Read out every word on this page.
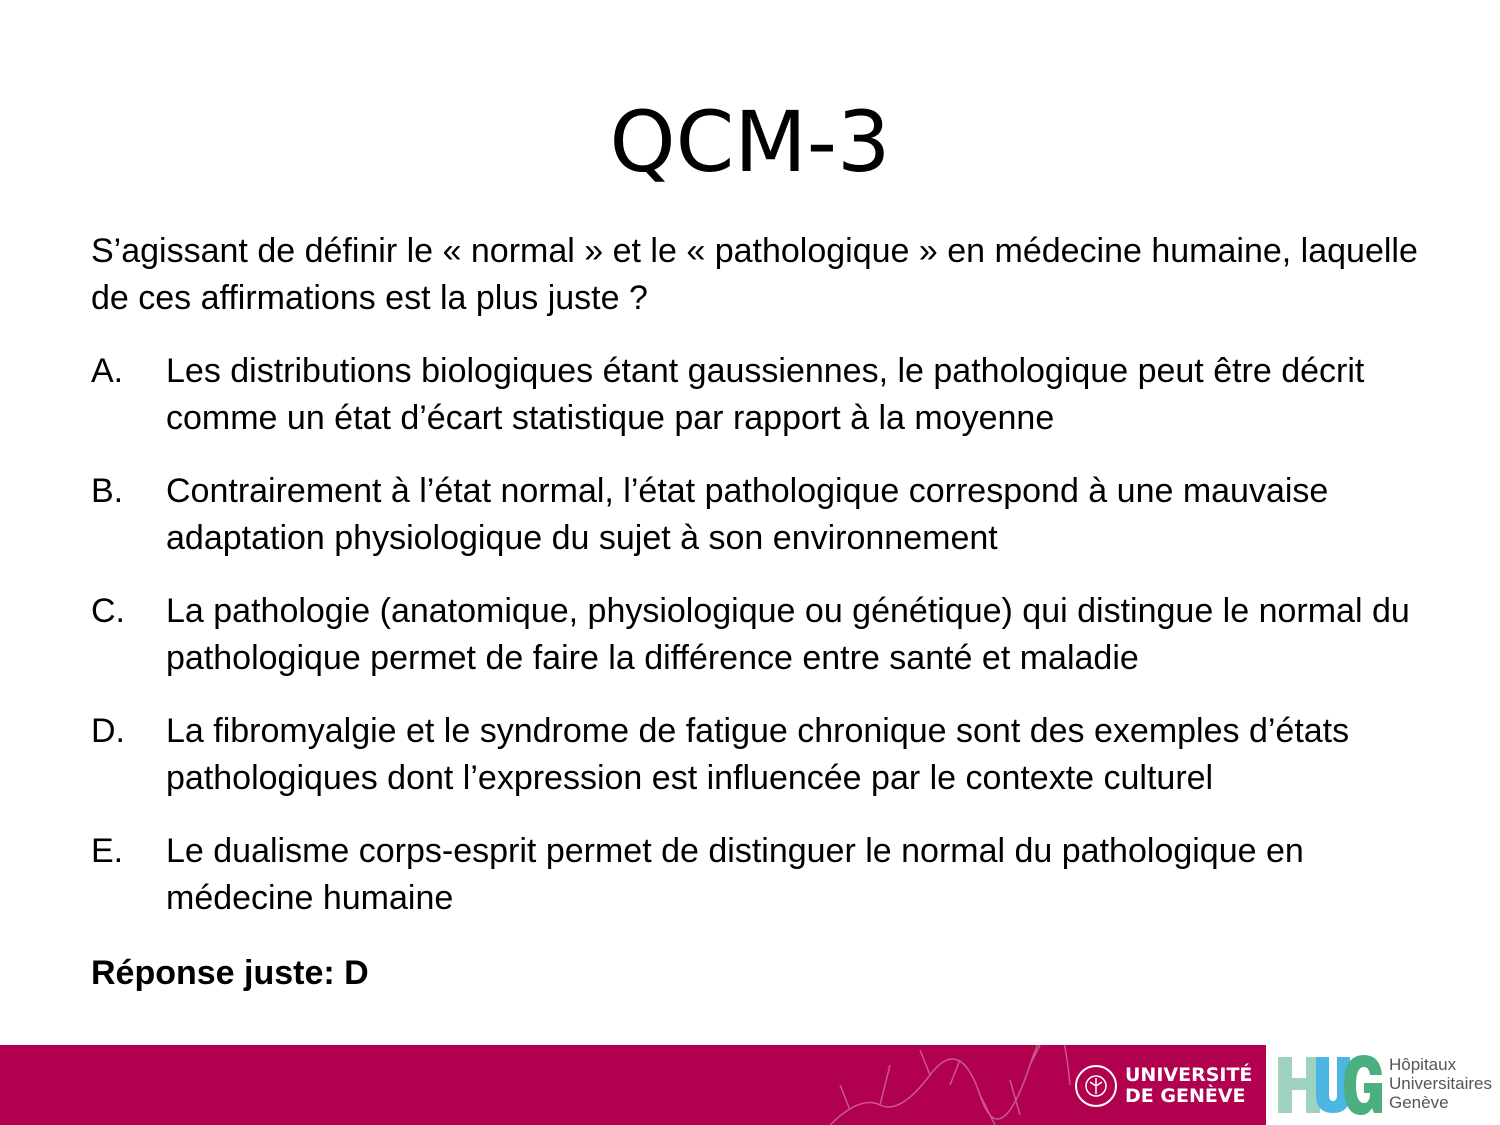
QCM-3
S’agissant de définir le « normal » et le « pathologique » en médecine humaine, laquelle de ces affirmations est la plus juste ?
A.	Les distributions biologiques étant gaussiennes, le pathologique peut être décrit comme un état d’écart statistique par rapport à la moyenne
B.	Contrairement à l’état normal, l’état pathologique correspond à une mauvaise adaptation physiologique du sujet à son environnement
C.	La pathologie (anatomique, physiologique ou génétique) qui distingue le normal du pathologique permet de faire la différence entre santé et maladie
D.	La fibromyalgie et le syndrome de fatigue chronique sont des exemples d’états pathologiques dont l’expression est influencée par le contexte culturel
E.	Le dualisme corps-esprit permet de distinguer le normal du pathologique en médecine humaine
Réponse juste: D
UNIVERSITÉ
DE GENÈVE
Hôpitaux
Universitaires
Genève
